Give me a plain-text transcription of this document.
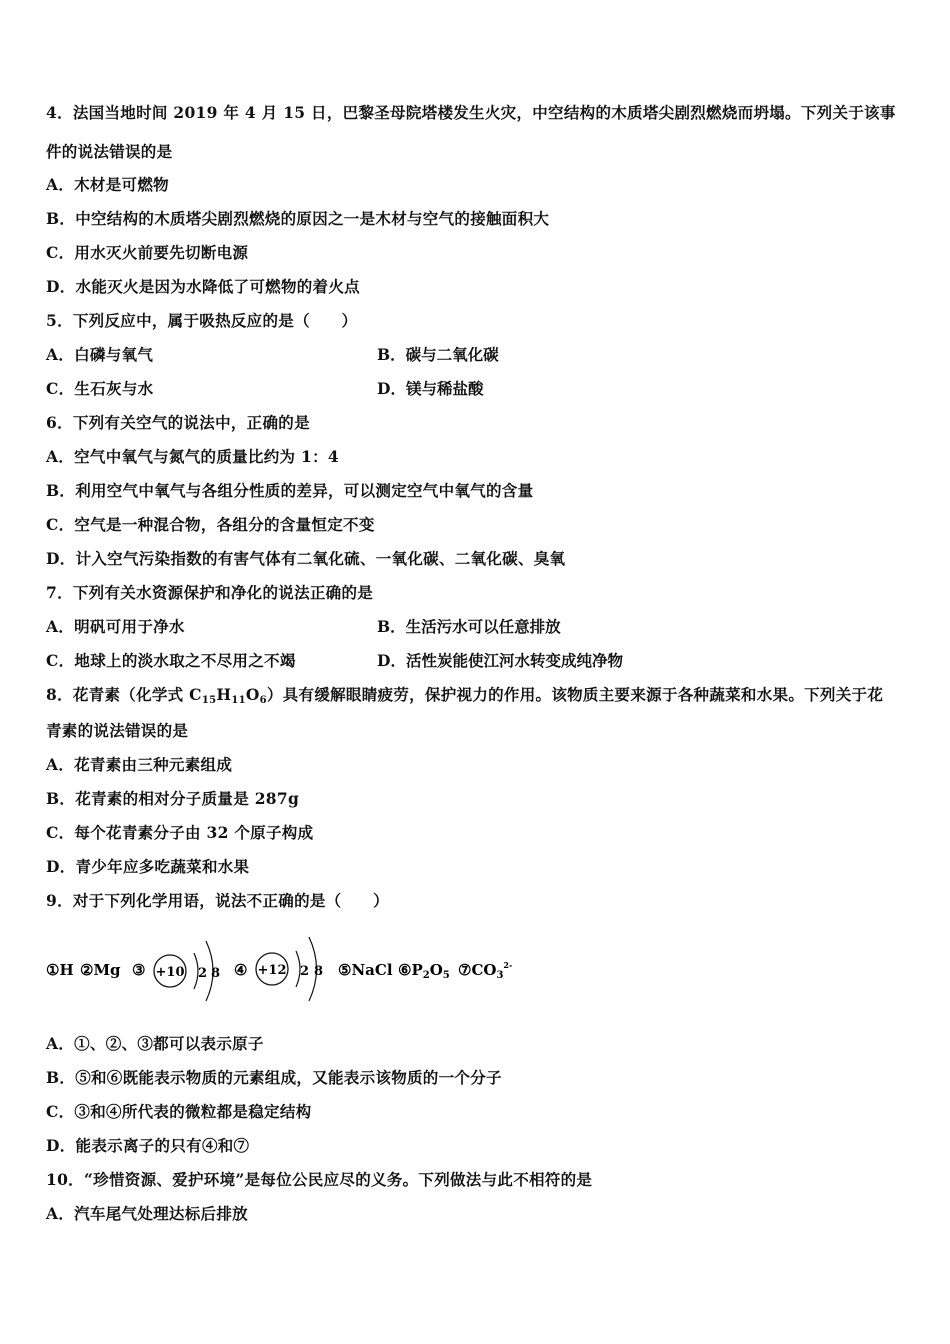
4．法国当地时间 2019 年 4 月 15 日，巴黎圣母院塔楼发生火灾，中空结构的木质塔尖剧烈燃烧而坍塌。下列关于该事
件的说法错误的是
A．木材是可燃物
B．中空结构的木质塔尖剧烈燃烧的原因之一是木材与空气的接触面积大
C．用水灭火前要先切断电源
D．水能灭火是因为水降低了可燃物的着火点
5．下列反应中，属于吸热反应的是（　　）
A．白磷与氧气	B．碳与二氧化碳
C．生石灰与水	D．镁与稀盐酸
6．下列有关空气的说法中，正确的是
A．空气中氧气与氮气的质量比约为 1：4
B．利用空气中氧气与各组分性质的差异，可以测定空气中氧气的含量
C．空气是一种混合物，各组分的含量恒定不变
D．计入空气污染指数的有害气体有二氧化硫、一氧化碳、二氧化碳、臭氧
7．下列有关水资源保护和净化的说法正确的是
A．明矾可用于净水	B．生活污水可以任意排放
C．地球上的淡水取之不尽用之不竭	D．活性炭能使江河水转变成纯净物
8．花青素（化学式 $C_{15}H_{11}O_6$）具有缓解眼睛疲劳，保护视力的作用。该物质主要来源于各种蔬菜和水果。下列关于花
青素的说法错误的是
A．花青素由三种元素组成
B．花青素的相对分子质量是 287g
C．每个花青素分子由 32 个原子构成
D．青少年应多吃蔬菜和水果
9．对于下列化学用语，说法不正确的是（　　）
①H ②Mg ③ +10 2 8 ④ +12 2 8 ⑤NaCl $⑥P_2O_5$ $⑦CO_3^{2-}$
A．①、②、③都可以表示原子
B．⑤和⑥既能表示物质的元素组成，又能表示该物质的一个分子
C．③和④所代表的微粒都是稳定结构
D．能表示离子的只有④和⑦
10．“珍惜资源、爱护环境”是每位公民应尽的义务。下列做法与此不相符的是
A．汽车尾气处理达标后排放
